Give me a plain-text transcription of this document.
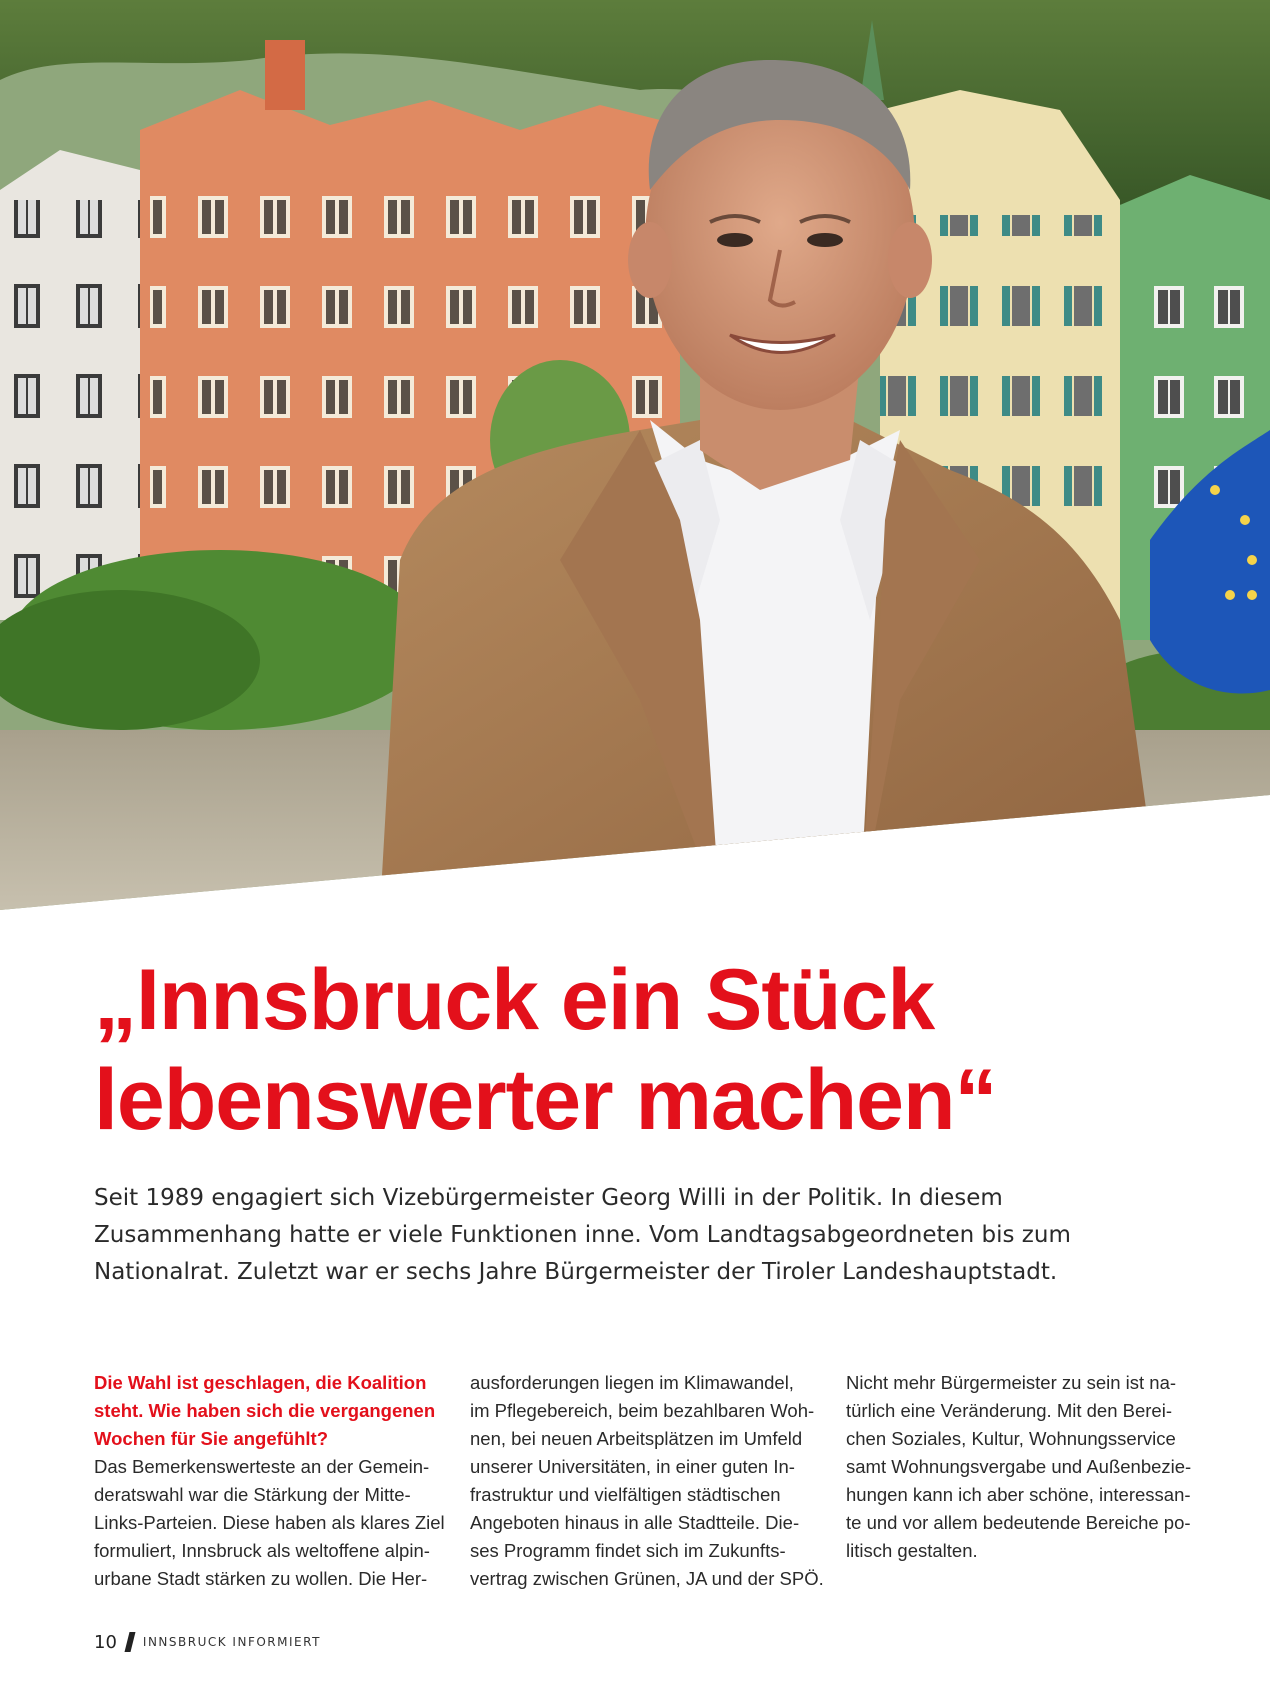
„Innsbruck ein Stück
lebenswerter machen“

Seit 1989 engagiert sich Vizebürgermeister Georg Willi in der Politik. In diesem
Zusammenhang hatte er viele Funktionen inne. Vom Landtagsabgeordneten bis zum
Nationalrat. Zuletzt war er sechs Jahre Bürgermeister der Tiroler Landeshauptstadt.

Die Wahl ist geschlagen, die Koalition
steht. Wie haben sich die vergangenen
Wochen für Sie angefühlt?
Das Bemerkenswerteste an der Gemein-
deratswahl war die Stärkung der Mitte-
Links-Parteien. Diese haben als klares Ziel
formuliert, Innsbruck als weltoffene alpin-
urbane Stadt stärken zu wollen. Die Her-
ausforderungen liegen im Klimawandel,
im Pflegebereich, beim bezahlbaren Woh-
nen, bei neuen Arbeitsplätzen im Umfeld
unserer Universitäten, in einer guten In-
frastruktur und vielfältigen städtischen
Angeboten hinaus in alle Stadtteile. Die-
ses Programm findet sich im Zukunfts-
vertrag zwischen Grünen, JA und der SPÖ.
Nicht mehr Bürgermeister zu sein ist na-
türlich eine Veränderung. Mit den Berei-
chen Soziales, Kultur, Wohnungsservice
samt Wohnungsvergabe und Außenbezie-
hungen kann ich aber schöne, interessan-
te und vor allem bedeutende Bereiche po-
litisch gestalten.
10 INNSBRUCK INFORMIERT
